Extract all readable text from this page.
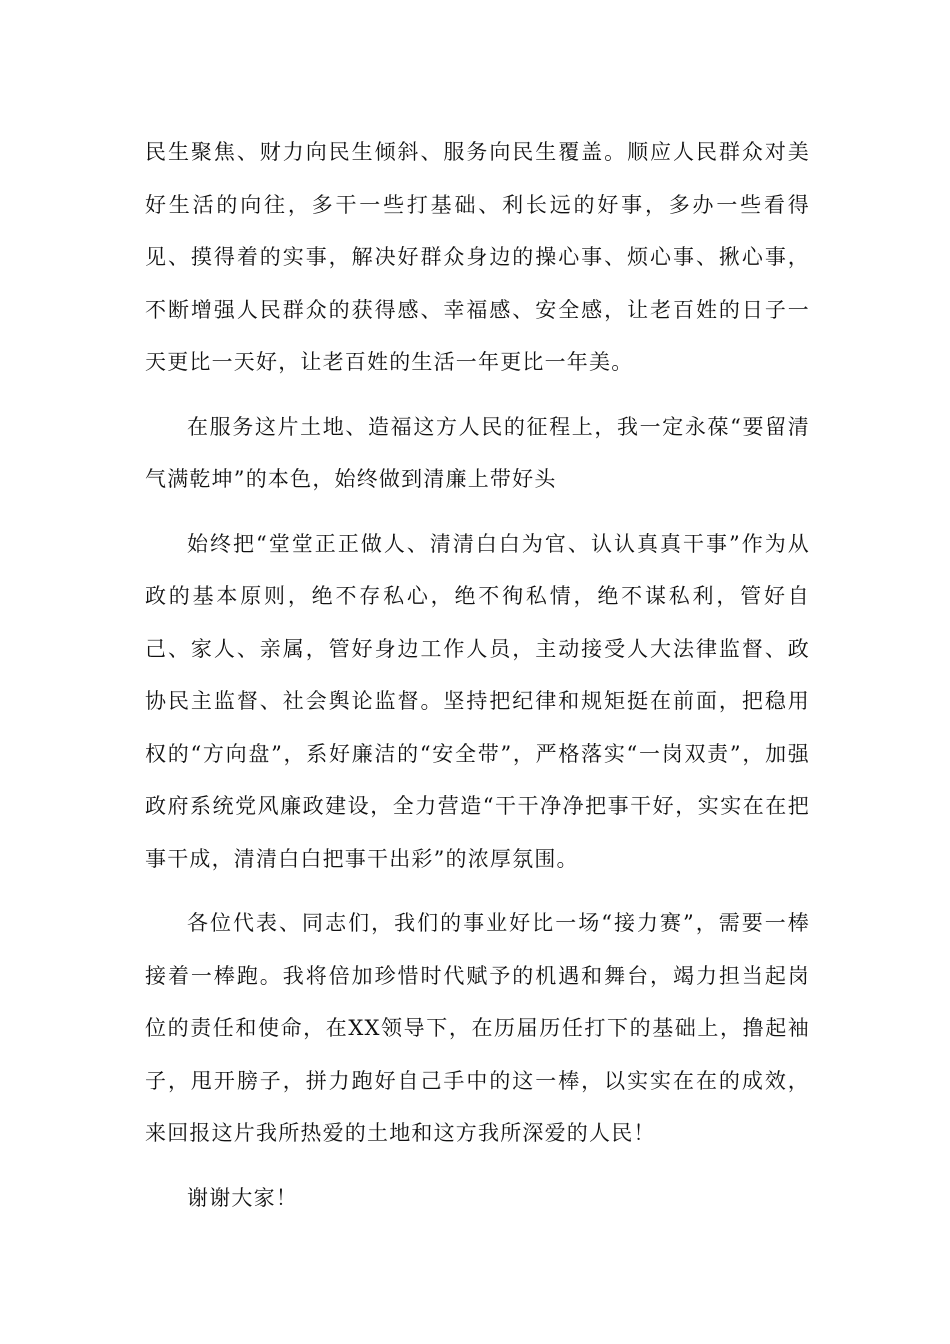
民生聚焦、财力向民生倾斜、服务向民生覆盖。顺应人民群众对美好生活的向往，多干一些打基础、利长远的好事，多办一些看得见、摸得着的实事，解决好群众身边的操心事、烦心事、揪心事，不断增强人民群众的获得感、幸福感、安全感，让老百姓的日子一天更比一天好，让老百姓的生活一年更比一年美。

在服务这片土地、造福这方人民的征程上，我一定永葆“要留清气满乾坤”的本色，始终做到清廉上带好头

始终把“堂堂正正做人、清清白白为官、认认真真干事”作为从政的基本原则，绝不存私心，绝不徇私情，绝不谋私利，管好自己、家人、亲属，管好身边工作人员，主动接受人大法律监督、政协民主监督、社会舆论监督。坚持把纪律和规矩挺在前面，把稳用权的“方向盘”，系好廉洁的“安全带”，严格落实“一岗双责”，加强政府系统党风廉政建设，全力营造“干干净净把事干好，实实在在把事干成，清清白白把事干出彩”的浓厚氛围。

各位代表、同志们，我们的事业好比一场“接力赛”，需要一棒接着一棒跑。我将倍加珍惜时代赋予的机遇和舞台，竭力担当起岗位的责任和使命，在XX领导下，在历届历任打下的基础上，撸起袖子，甩开膀子，拼力跑好自己手中的这一棒，以实实在在的成效，来回报这片我所热爱的土地和这方我所深爱的人民！

谢谢大家！
